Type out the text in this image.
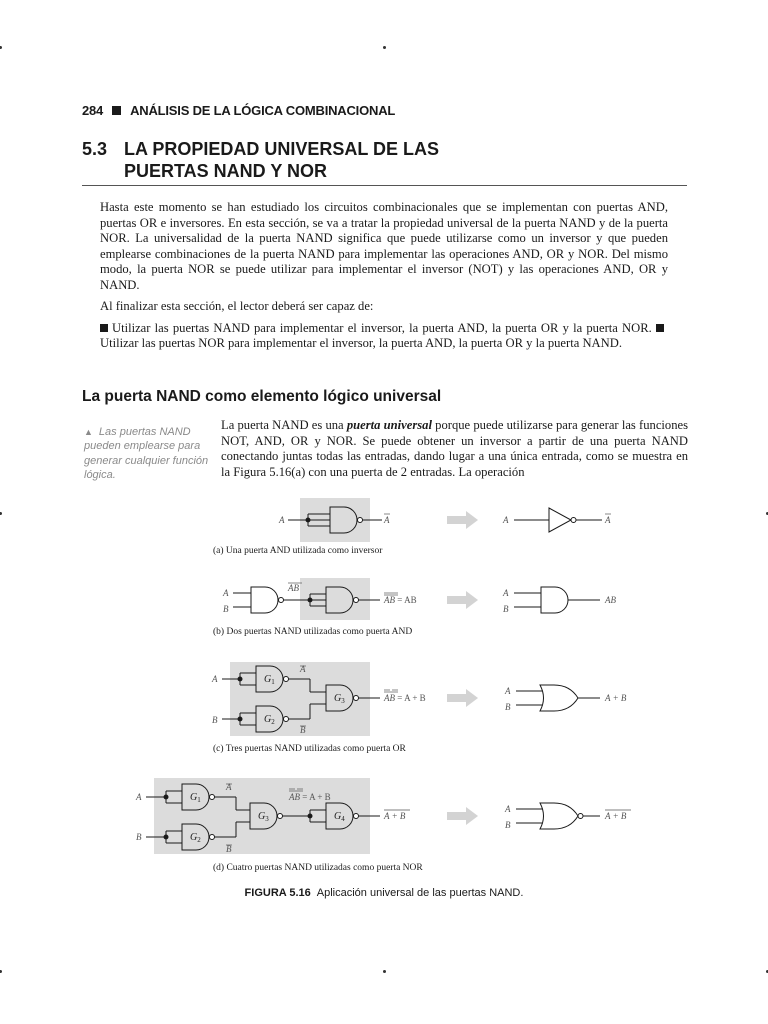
284 ANÁLISIS DE LA LÓGICA COMBINACIONAL
5.3 LA PROPIEDAD UNIVERSAL DE LAS
PUERTAS NAND Y NOR

Hasta este momento se han estudiado los circuitos combinacionales que se implementan con puertas AND, puertas OR e inversores. En esta sección, se va a tratar la propiedad universal de la puerta NAND y de la puerta NOR. La universalidad de la puerta NAND significa que puede utilizarse como un inversor y que pueden emplearse combinaciones de la puerta NAND para implementar las operaciones AND, OR y NOR. Del mismo modo, la puerta NOR se puede utilizar para implementar el inversor (NOT) y las operaciones AND, OR y NAND.

Al finalizar esta sección, el lector deberá ser capaz de:

Utilizar las puertas NAND para implementar el inversor, la puerta AND, la puerta OR y la puerta NOR. Utilizar las puertas NOR para implementar el inversor, la puerta AND, la puerta OR y la puerta NAND.

La puerta NAND como elemento lógico universal
▲ Las puertas NAND pueden emplearse para generar cualquier función lógica.
La puerta NAND es una puerta universal porque puede utilizarse para generar las funciones NOT, AND, OR y NOR. Se puede obtener un inversor a partir de una puerta NAND conectando juntas todas las entradas, dando lugar a una única entrada, como se muestra en la Figura 5.16(a) con una puerta de 2 entradas. La operación
A	A	A	A
(a) Una puerta AND utilizada como inversor
A
B
AB
AB = AB
A
B
AB
(b) Dos puertas NAND utilizadas como puerta AND
A	$G_1$
A
B	$G_2$
B
$G_3$	AB = A + B
A
B
A + B
(c) Tres puertas NAND utilizadas como puerta OR
A	$G_1$
A
B	$G_2$
B
$G_3$
AB = A + B
$G_4$	A + B
A
B
A + B
(d) Cuatro puertas NAND utilizadas como puerta NOR
FIGURA 5.16 Aplicación universal de las puertas NAND.
